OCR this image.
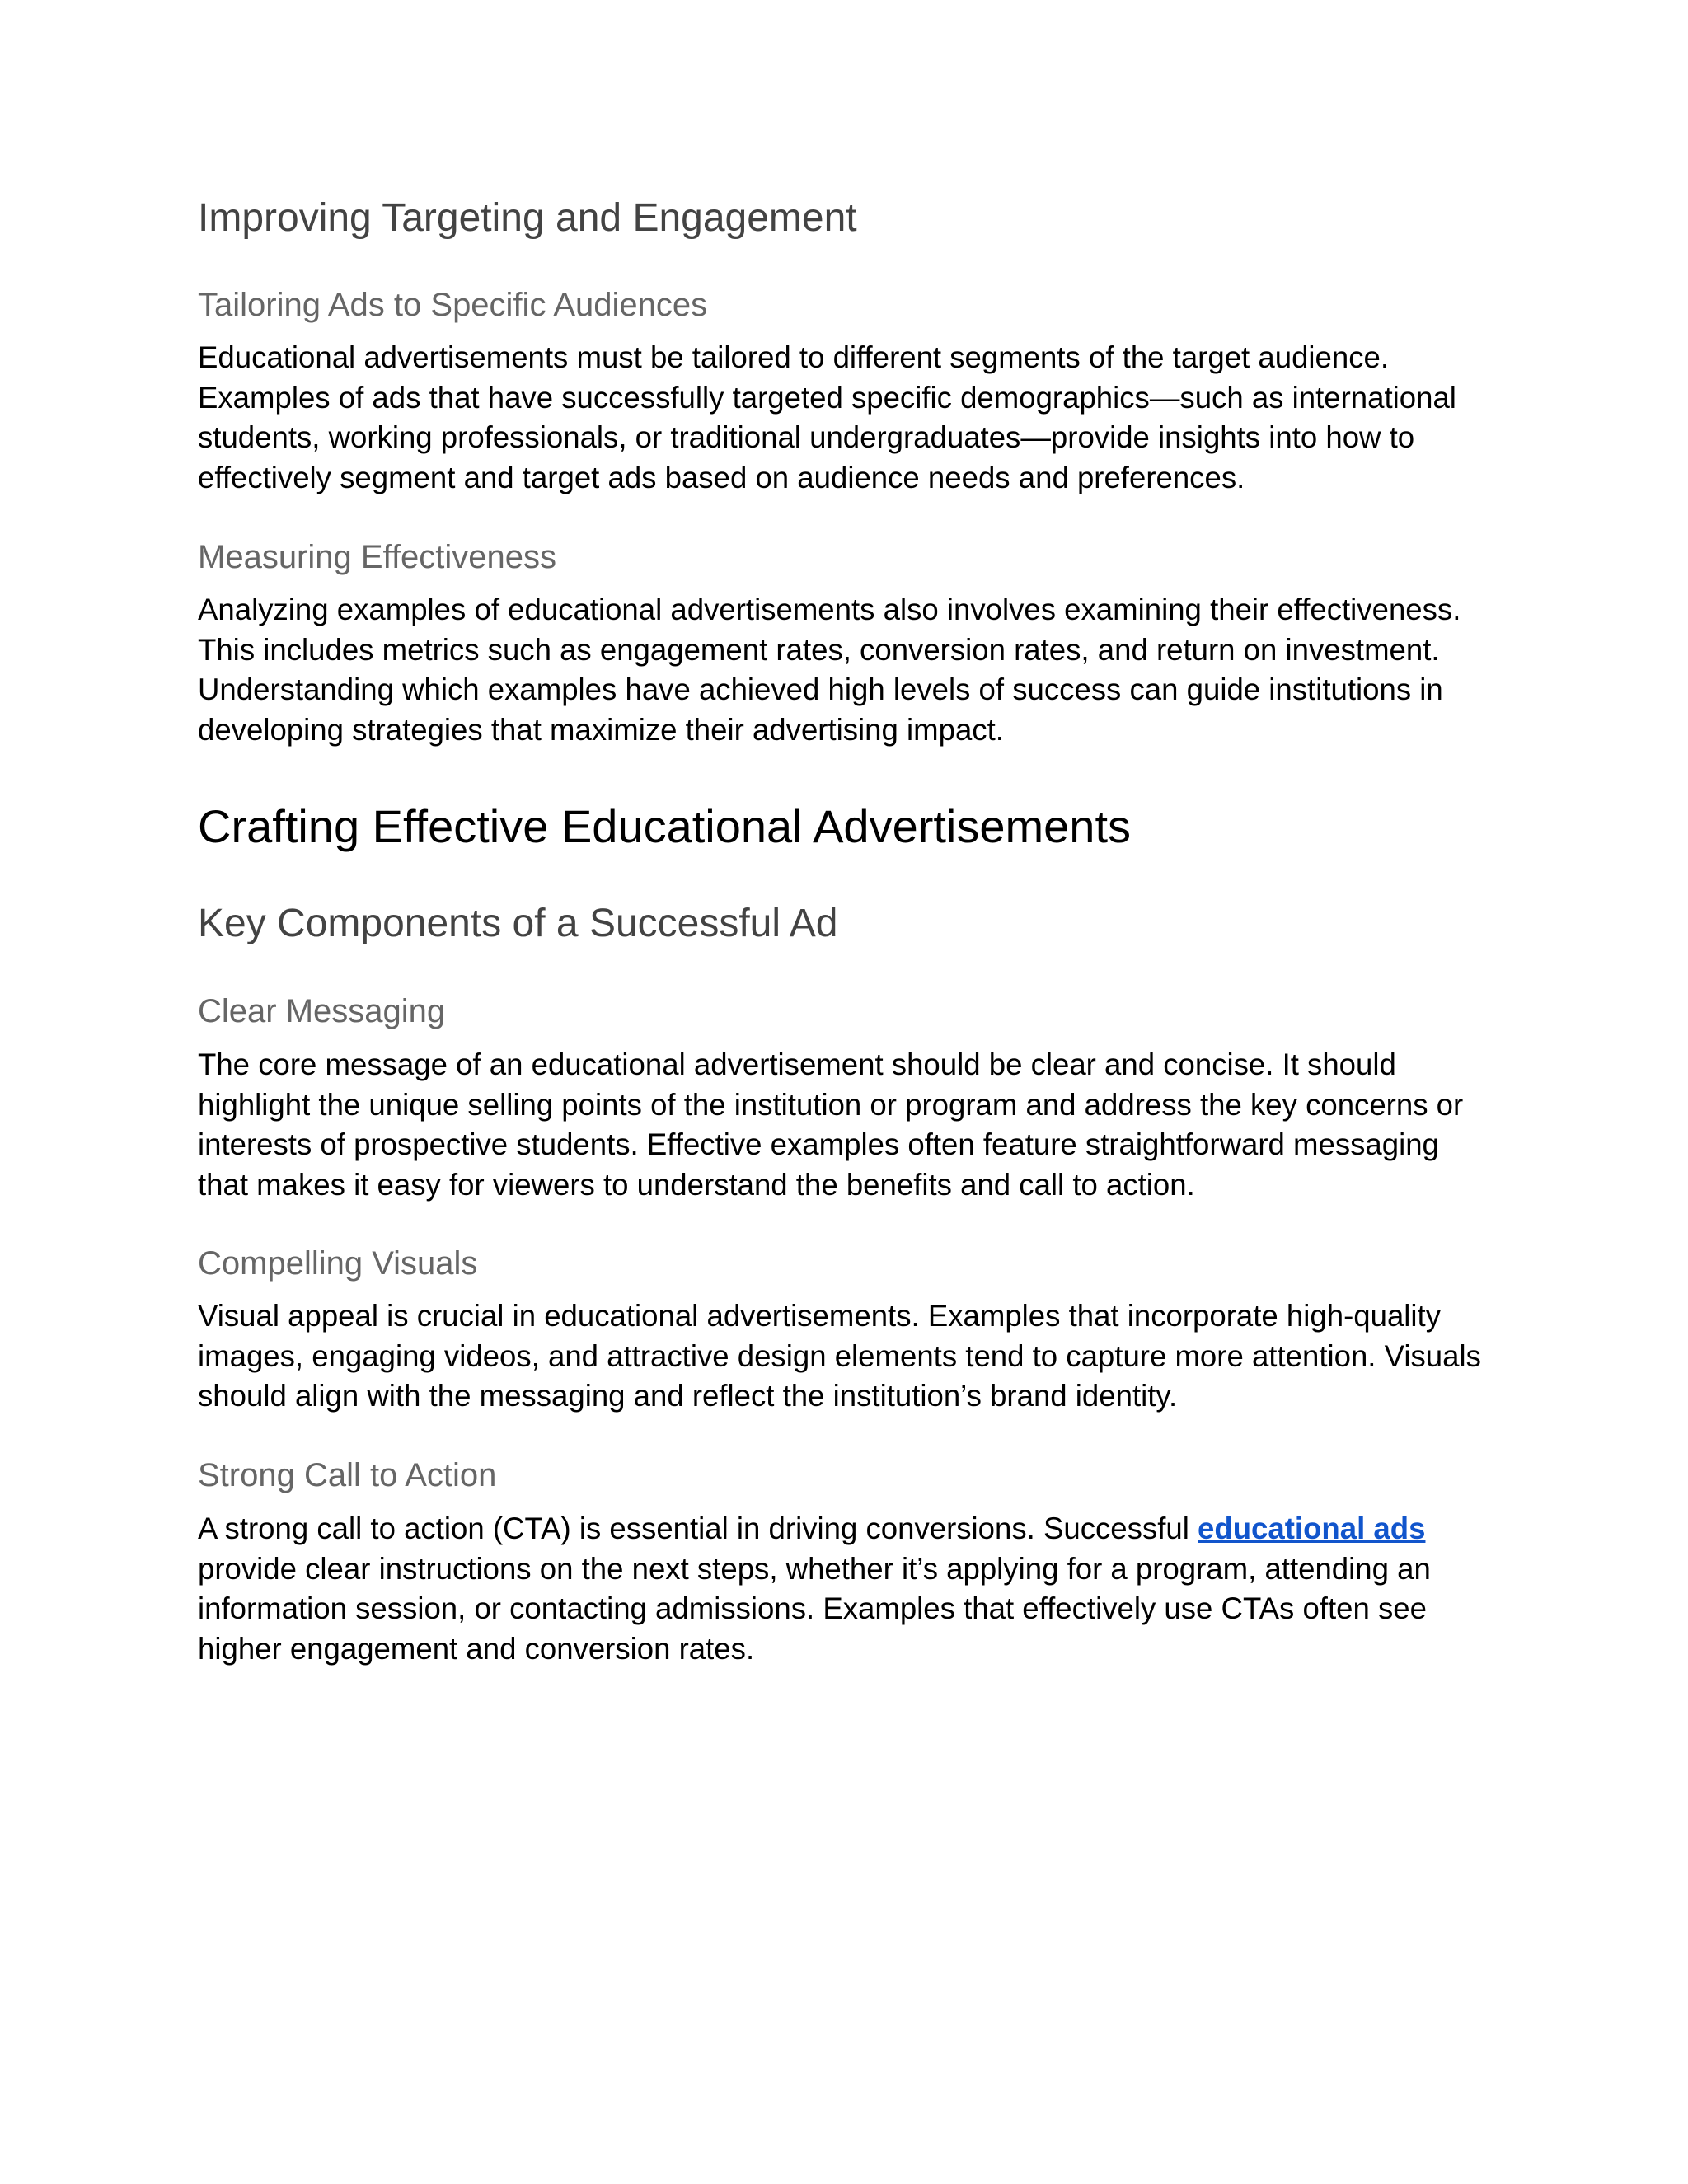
Improving Targeting and Engagement
Tailoring Ads to Specific Audiences

Educational advertisements must be tailored to different segments of the target audience.
Examples of ads that have successfully targeted specific demographics—such as international
students, working professionals, or traditional undergraduates—provide insights into how to
effectively segment and target ads based on audience needs and preferences.

Measuring Effectiveness

Analyzing examples of educational advertisements also involves examining their effectiveness.
This includes metrics such as engagement rates, conversion rates, and return on investment.
Understanding which examples have achieved high levels of success can guide institutions in
developing strategies that maximize their advertising impact.

Crafting Effective Educational Advertisements
Key Components of a Successful Ad
Clear Messaging

The core message of an educational advertisement should be clear and concise. It should
highlight the unique selling points of the institution or program and address the key concerns or
interests of prospective students. Effective examples often feature straightforward messaging
that makes it easy for viewers to understand the benefits and call to action.

Compelling Visuals

Visual appeal is crucial in educational advertisements. Examples that incorporate high-quality
images, engaging videos, and attractive design elements tend to capture more attention. Visuals
should align with the messaging and reflect the institution’s brand identity.

Strong Call to Action

A strong call to action (CTA) is essential in driving conversions. Successful educational ads
provide clear instructions on the next steps, whether it’s applying for a program, attending an
information session, or contacting admissions. Examples that effectively use CTAs often see
higher engagement and conversion rates.
